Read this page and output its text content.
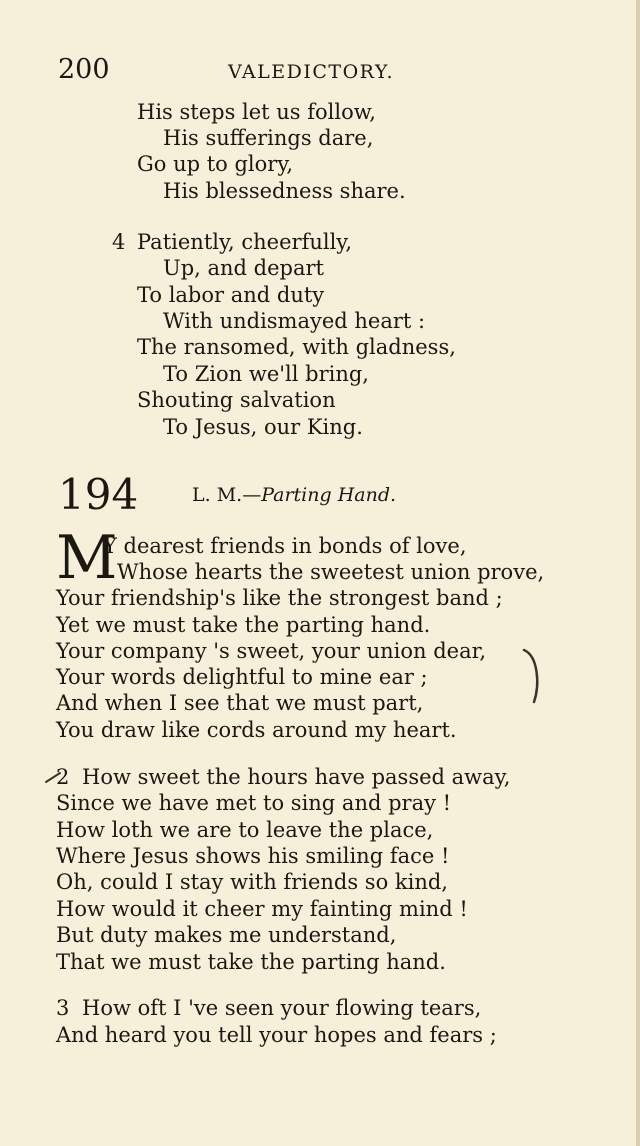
200	VALEDICTORY.
His steps let us follow,
His sufferings dare,
Go up to glory,
His blessedness share.
4 Patiently, cheerfully,
Up, and depart
To labor and duty
With undismayed heart :
The ransomed, with gladness,
To Zion we'll bring,
Shouting salvation
To Jesus, our King.
194	L. M.—Parting Hand.
M
Y dearest friends in bonds of love,
Whose hearts the sweetest union prove,
Your friendship's like the strongest band ;
Yet we must take the parting hand.
Your company 's sweet, your union dear,
Your words delightful to mine ear ;
And when I see that we must part,
You draw like cords around my heart.
2 How sweet the hours have passed away,
Since we have met to sing and pray !
How loth we are to leave the place,
Where Jesus shows his smiling face !
Oh, could I stay with friends so kind,
How would it cheer my fainting mind !
But duty makes me understand,
That we must take the parting hand.
3 How oft I 've seen your flowing tears,
And heard you tell your hopes and fears ;
